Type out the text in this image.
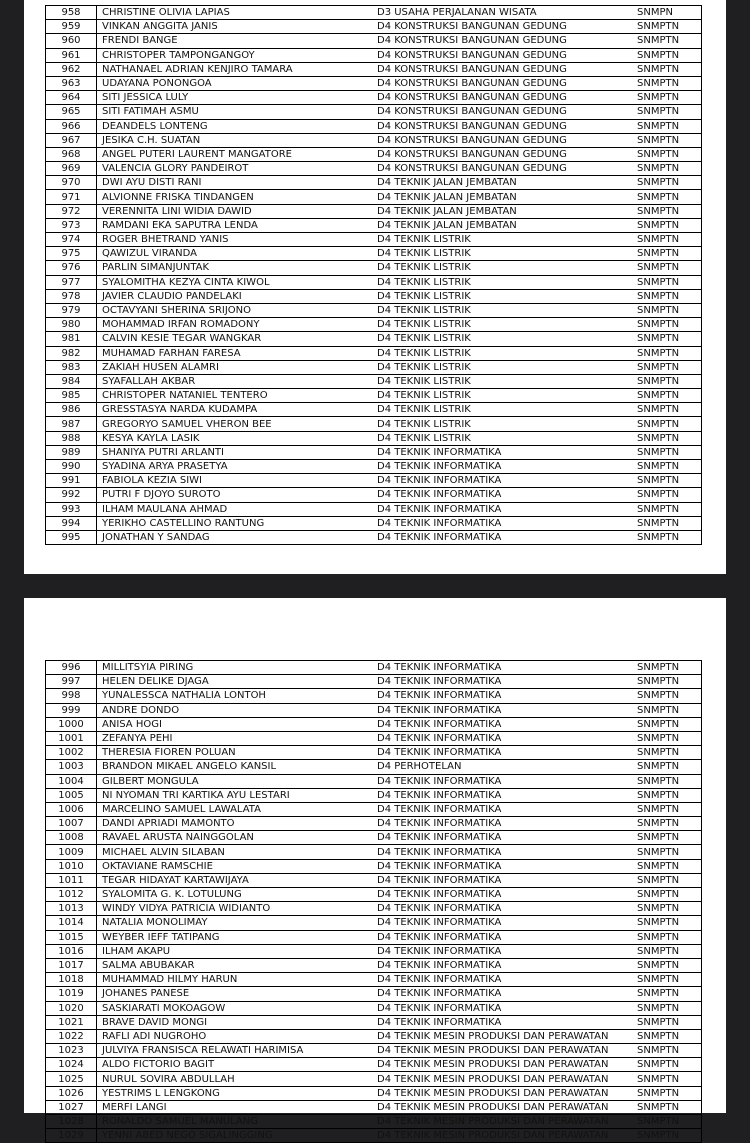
958	CHRISTINE OLIVIA LAPIAS	D3 USAHA PERJALANAN WISATA	SNMPN
959	VINKAN ANGGITA JANIS	D4 KONSTRUKSI BANGUNAN GEDUNG	SNMPTN
960	FRENDI BANGE	D4 KONSTRUKSI BANGUNAN GEDUNG	SNMPTN
961	CHRISTOPER TAMPONGANGOY	D4 KONSTRUKSI BANGUNAN GEDUNG	SNMPTN
962	NATHANAEL ADRIAN KENJIRO TAMARA	D4 KONSTRUKSI BANGUNAN GEDUNG	SNMPTN
963	UDAYANA PONONGOA	D4 KONSTRUKSI BANGUNAN GEDUNG	SNMPTN
964	SITI JESSICA LULY	D4 KONSTRUKSI BANGUNAN GEDUNG	SNMPTN
965	SITI FATIMAH ASMU	D4 KONSTRUKSI BANGUNAN GEDUNG	SNMPTN
966	DEANDELS LONTENG	D4 KONSTRUKSI BANGUNAN GEDUNG	SNMPTN
967	JESIKA C.H. SUATAN	D4 KONSTRUKSI BANGUNAN GEDUNG	SNMPTN
968	ANGEL PUTERI LAURENT MANGATORE	D4 KONSTRUKSI BANGUNAN GEDUNG	SNMPTN
969	VALENCIA GLORY PANDEIROT	D4 KONSTRUKSI BANGUNAN GEDUNG	SNMPTN
970	DWI AYU DISTI RANI	D4 TEKNIK JALAN JEMBATAN	SNMPTN
971	ALVIONNE FRISKA TINDANGEN	D4 TEKNIK JALAN JEMBATAN	SNMPTN
972	VERENNITA LINI WIDIA DAWID	D4 TEKNIK JALAN JEMBATAN	SNMPTN
973	RAMDANI EKA SAPUTRA LENDA	D4 TEKNIK JALAN JEMBATAN	SNMPTN
974	ROGER BHETRAND YANIS	D4 TEKNIK LISTRIK	SNMPTN
975	QAWIZUL VIRANDA	D4 TEKNIK LISTRIK	SNMPTN
976	PARLIN SIMANJUNTAK	D4 TEKNIK LISTRIK	SNMPTN
977	SYALOMITHA KEZYA CINTA KIWOL	D4 TEKNIK LISTRIK	SNMPTN
978	JAVIER CLAUDIO PANDELAKI	D4 TEKNIK LISTRIK	SNMPTN
979	OCTAVYANI SHERINA SRIJONO	D4 TEKNIK LISTRIK	SNMPTN
980	MOHAMMAD IRFAN ROMADONY	D4 TEKNIK LISTRIK	SNMPTN
981	CALVIN KESIE TEGAR WANGKAR	D4 TEKNIK LISTRIK	SNMPTN
982	MUHAMAD FARHAN FARESA	D4 TEKNIK LISTRIK	SNMPTN
983	ZAKIAH HUSEN ALAMRI	D4 TEKNIK LISTRIK	SNMPTN
984	SYAFALLAH AKBAR	D4 TEKNIK LISTRIK	SNMPTN
985	CHRISTOPER NATANIEL TENTERO	D4 TEKNIK LISTRIK	SNMPTN
986	GRESSTASYA NARDA KUDAMPA	D4 TEKNIK LISTRIK	SNMPTN
987	GREGORYO SAMUEL VHERON BEE	D4 TEKNIK LISTRIK	SNMPTN
988	KESYA KAYLA LASIK	D4 TEKNIK LISTRIK	SNMPTN
989	SHANIYA PUTRI ARLANTI	D4 TEKNIK INFORMATIKA	SNMPTN
990	SYADINA ARYA PRASETYA	D4 TEKNIK INFORMATIKA	SNMPTN
991	FABIOLA KEZIA SIWI	D4 TEKNIK INFORMATIKA	SNMPTN
992	PUTRI F DJOYO SUROTO	D4 TEKNIK INFORMATIKA	SNMPTN
993	ILHAM MAULANA AHMAD	D4 TEKNIK INFORMATIKA	SNMPTN
994	YERIKHO CASTELLINO RANTUNG	D4 TEKNIK INFORMATIKA	SNMPTN
995	JONATHAN Y SANDAG	D4 TEKNIK INFORMATIKA	SNMPTN
996	MILLITSYIA PIRING	D4 TEKNIK INFORMATIKA	SNMPTN
997	HELEN DELIKE DJAGA	D4 TEKNIK INFORMATIKA	SNMPTN
998	YUNALESSCA NATHALIA LONTOH	D4 TEKNIK INFORMATIKA	SNMPTN
999	ANDRE DONDO	D4 TEKNIK INFORMATIKA	SNMPTN
1000	ANISA HOGI	D4 TEKNIK INFORMATIKA	SNMPTN
1001	ZEFANYA PEHI	D4 TEKNIK INFORMATIKA	SNMPTN
1002	THERESIA FIOREN POLUAN	D4 TEKNIK INFORMATIKA	SNMPTN
1003	BRANDON MIKAEL ANGELO KANSIL	D4 PERHOTELAN	SNMPTN
1004	GILBERT MONGULA	D4 TEKNIK INFORMATIKA	SNMPTN
1005	NI NYOMAN TRI KARTIKA AYU LESTARI	D4 TEKNIK INFORMATIKA	SNMPTN
1006	MARCELINO SAMUEL LAWALATA	D4 TEKNIK INFORMATIKA	SNMPTN
1007	DANDI APRIADI MAMONTO	D4 TEKNIK INFORMATIKA	SNMPTN
1008	RAVAEL ARUSTA NAINGGOLAN	D4 TEKNIK INFORMATIKA	SNMPTN
1009	MICHAEL ALVIN SILABAN	D4 TEKNIK INFORMATIKA	SNMPTN
1010	OKTAVIANE RAMSCHIE	D4 TEKNIK INFORMATIKA	SNMPTN
1011	TEGAR HIDAYAT KARTAWIJAYA	D4 TEKNIK INFORMATIKA	SNMPTN
1012	SYALOMITA G. K. LOTULUNG	D4 TEKNIK INFORMATIKA	SNMPTN
1013	WINDY VIDYA PATRICIA WIDIANTO	D4 TEKNIK INFORMATIKA	SNMPTN
1014	NATALIA MONOLIMAY	D4 TEKNIK INFORMATIKA	SNMPTN
1015	WEYBER IEFF TATIPANG	D4 TEKNIK INFORMATIKA	SNMPTN
1016	ILHAM AKAPU	D4 TEKNIK INFORMATIKA	SNMPTN
1017	SALMA ABUBAKAR	D4 TEKNIK INFORMATIKA	SNMPTN
1018	MUHAMMAD HILMY HARUN	D4 TEKNIK INFORMATIKA	SNMPTN
1019	JOHANES PANESE	D4 TEKNIK INFORMATIKA	SNMPTN
1020	SASKIARATI MOKOAGOW	D4 TEKNIK INFORMATIKA	SNMPTN
1021	BRAVE DAVID MONGI	D4 TEKNIK INFORMATIKA	SNMPTN
1022	RAFLI ADI NUGROHO	D4 TEKNIK MESIN PRODUKSI DAN PERAWATAN	SNMPTN
1023	JULVIYA FRANSISCA RELAWATI HARIMISA	D4 TEKNIK MESIN PRODUKSI DAN PERAWATAN	SNMPTN
1024	ALDO FICTORIO BAGIT	D4 TEKNIK MESIN PRODUKSI DAN PERAWATAN	SNMPTN
1025	NURUL SOVIRA ABDULLAH	D4 TEKNIK MESIN PRODUKSI DAN PERAWATAN	SNMPTN
1026	YESTRIMS L LENGKONG	D4 TEKNIK MESIN PRODUKSI DAN PERAWATAN	SNMPTN
1027	MERFI LANGI	D4 TEKNIK MESIN PRODUKSI DAN PERAWATAN	SNMPTN
1028	RONALDO SAMUEL MANULANG	D4 TEKNIK MESIN PRODUKSI DAN PERAWATAN	SNMPTN
1029	YENNI ABED NEGO SIGALINGGING	D4 TEKNIK MESIN PRODUKSI DAN PERAWATAN	SNMPTN
